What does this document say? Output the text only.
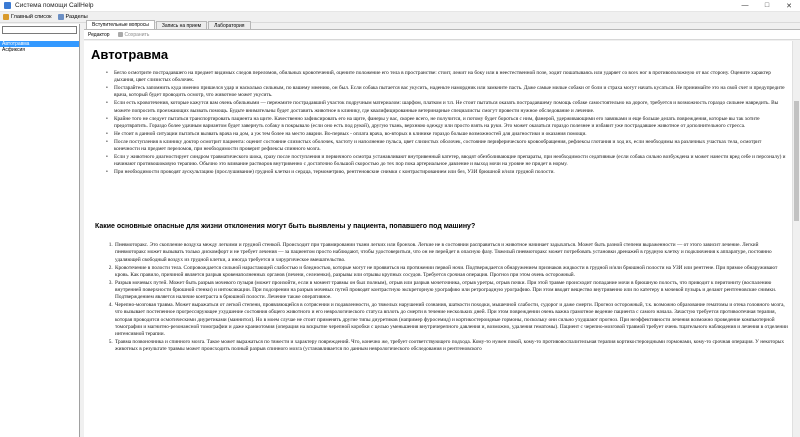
Система помощи CallHelp	—	□	✕
Главный список	Разделы
Автотравма
Асфиксия
Вступительные вопросы	Запись на прием	Лаборатория
Редактор	Сохранить
Автотравма
• Бегло осмотрите пострадавшего на предмет видимых следов переломов, обильных кровотечений, оцените положение его тела в пространстве: стоит, лежит на боку или в неестественной позе, ходит пошатываясь или ударяет со всех ног в противоположную от вас сторону. Оцените характер дыхания, цвет слизистых оболочек.
• Постарайтесь запомнить куда именно пришелся удар и насколько сильным, по вашему мнению, он был. Если собака пытается вас укусить, наденьте намордник или замкните пасть. Даже самые милые собаки от боли и страха могут начать кусаться. Не принимайте это на свой счет и предупредите врача, который будет проводить осмотр, что животное может укусить.
• Если есть кровотечения, которые кажутся вам очень обильными — пережмите пострадавший участок подручным материалом: шарфом, платком и т.п. Не стоит пытаться оказать пострадавшему помощь собаке самостоятельно на дороге, требуется и возможность гораздо сильнее навредить. Вы можете попросить проезжающих вызвать помощь. Будьте внимательны будет доставить животное в клинику, где квалифицированные ветеринарные специалисты смогут провести нужное обследование и лечение.
• Крайне того не следует пытаться транспортировать пациента на щите. Качественно зафиксировать его на щите, фанеры у вас, скорее всего, не получится, и потому будет бороться с ним, фанерой, удерживающими его завязками и еще больше делать повреждения, которые вы так хотите предотвратить. Гораздо более удачным вариантом будет завернуть собаку в покрывало (если оно есть под рукой), другую ткань, верхнюю одежду или просто взять на руки. Это может оказаться гораздо полезнее и избавит уже пострадавшее животное от дополнительного стресса.
• Не стоит в данной ситуации пытаться вызвать врача на дом, а уж тем более на место аварии. Во-первых - оплата врача, во-вторых в клинике гораздо больше возможностей для диагностики и оказания помощи.
• После поступления в клинику доктор осмотрит пациента: оценит состояние слизистых оболочек, частоту и наполнение пульса, цвет слизистых оболочек, состояние периферического кровообращения, рефлексы глотания и ход их, если необходимы на различных участках тела, осмотрит конечности на предмет переломов, при необходимости проверит рефлексы спинного мозга.
• Если у животного диагностирует синдром травматического шока, сразу после поступления и первичного осмотра устанавливают внутривенный катетер, вводят обезболивающие препараты, при необходимости седативные (если собака сильно возбуждена и может нанести вред себе и персоналу) и начинают противошоковую терапию. Обычно это вливание растворов внутривенно с достаточно большой скоростью до тех пор пока артериальное давление и выход мочи на уровне не придет в норму.
• При необходимости проводят аускультацию (прослушивание) грудной клетки и сердца, термометрию, рентгеновские снимки с контрастированием или без, УЗИ брюшной и/или грудной полости.
Какие основные опасные для жизни отклонения могут быть выявлены у пациента, попавшего под машину?
1. Пневмоторакс. Это скопление воздуха между легкими и грудной стенкой. Происходит при травмировании ткани легких или бронхов. Легкие не в состоянии расправиться и животное начинает задыхаться. Может быть разной степени выраженности — от этого зависит лечение. Легкий пневмоторакс может вызывать только дискомфорт и не требует лечения — за пациентом просто наблюдают, чтобы удостовериться, что он не перейдет в опасную фазу. Тяжелый пневмоторакс может потребовать установки дренажей в грудную клетку и подключения к аппаратуре, постоянно удаляющей свободный воздух из грудной клетки, а иногда требуется и хирургическое вмешательство.
2. Кровотечение в полости тела. Сопровождается сильной нарастающей слабостью и бледностью, которые могут не проявиться на протяжении первой ночи. Подтверждается обнаружением признаков жидкости в грудной и/или брюшной полости на УЗИ или рентгене. При прямое обнаруживают кровь. Как правило, причиной является разрыв кровенаполненных органов (печени, селезенки), разрывы или отрывы крупных сосудов. Требуется срочная операция. Прогноз при этом очень осторожный.
3. Разрыв мочевых путей. Может быть разрыв мочевого пузыря (может произойти, если в момент травмы он был полным), отрыв или разрыв мочеточника, отрыв уретры, отрыв почки. При этой травме происходит попадание мочи в брюшную полость, что приводит к перитониту (воспалению внутренней поверхности брюшной стенки) и интоксикации. При подозрении на разрыв мочевых путей проводят контрастную экскреторную урографию или ретроградную урографию. При этом вводят вещество внутривенно или по катетеру в мочевой пузырь и делают рентгеновские снимки. Подтверждением является наличие контраста в брюшной полости. Лечение также оперативное.
4. Черепно-мозговая травма. Может выражаться от легкой степени, проявляющейся в сотрясении и подавленности, до тяжелых нарушений сознания, шаткости походки, мышечной слабости, судорог и даже смерти. Прогноз осторожный, т.к. возможно образование гематомы и отека головного мозга, что вызывает постепенное прогрессирующее ухудшение состояния общего животного и его неврологического статуса вплоть до смерти в течение нескольких дней. При этом повреждении очень важна грамотное ведение пациента с самого начала. Зачастую требуется противоотечная терапия, которая проводится осмотическими диуретиками (маннитол). Но в моем случае не стоит применять другие типы диуретиков (например фуросемид) и кортикостероидные гормоны, поскольку они сильно ухудшают прогноз. При неэффективности лечения возможно проведение компьютерной томографии и магнитно-резонансной томографии и даже краниотомия (операция на вскрытие черепной коробки с целью уменьшения внутричерепного давления и, возможно, удаления гематомы). Пациент с черепно-мозговой травмой требует очень тщательного наблюдения и лечения в отделении интенсивной терапии.
5. Травма позвоночника и спинного мозга. Такое может выражаться по тяжести и характеру повреждений. Что, конечно же, требует соответствующего подхода. Кому-то нужен покой, кому-то противовоспалительная терапия кортикостероидными гормонами, кому-то срочная операция. У некоторых животных в результате травмы может происходить полный разрыв спинного мозга (устанавливается по данным неврологического обследования и рентгеновского
